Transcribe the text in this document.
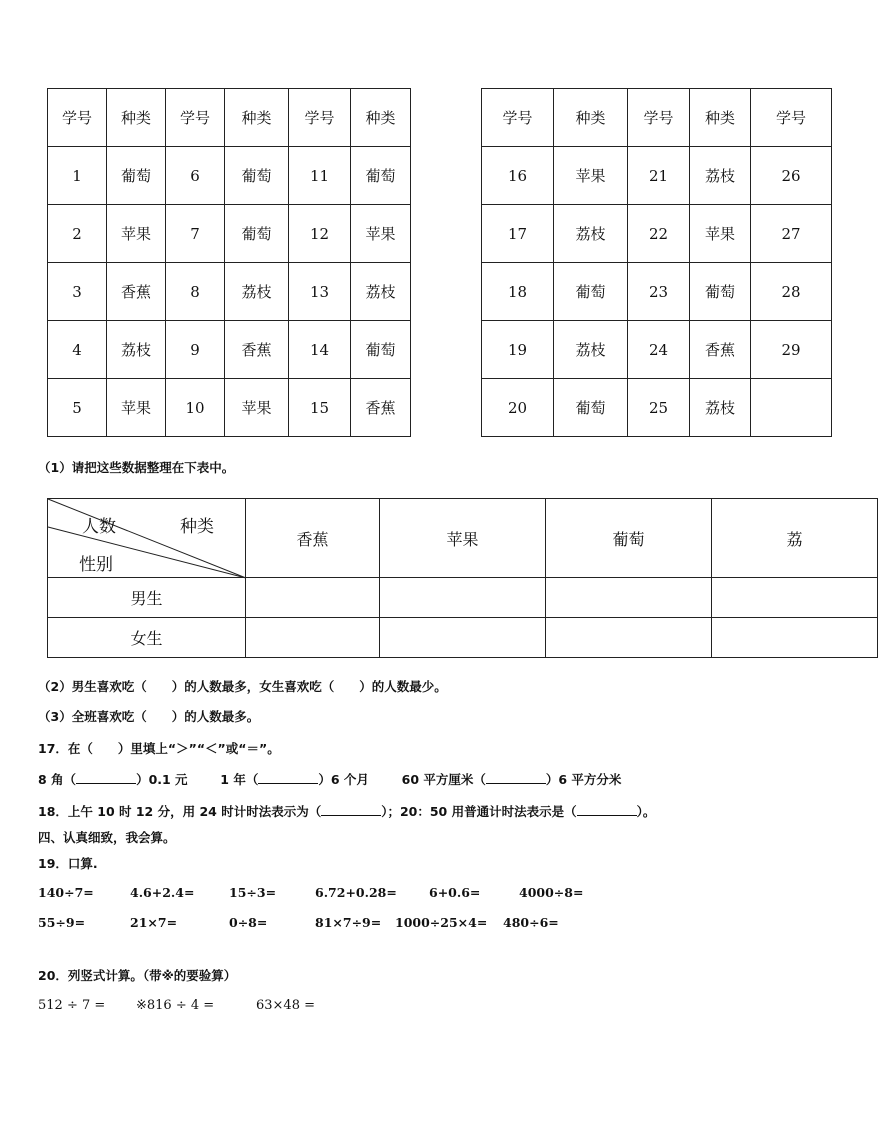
学号	种类	学号	种类	学号	种类
1	葡萄	6	葡萄	11	葡萄
2	苹果	7	葡萄	12	苹果
3	香蕉	8	荔枝	13	荔枝
4	荔枝	9	香蕉	14	葡萄
5	苹果	10	苹果	15	香蕉
学号	种类	学号	种类	学号
16	苹果	21	荔枝	26
17	荔枝	22	苹果	27
18	葡萄	23	葡萄	28
19	荔枝	24	香蕉	29
20	葡萄	25	荔枝	
（1）请把这些数据整理在下表中。
人数 种类
性别	香蕉	苹果	葡萄	荔
男生				
女生				
（2）男生喜欢吃（　　）的人数最多，女生喜欢吃（　　）的人数最少。
（3）全班喜欢吃（　　）的人数最多。
17．在（　　）里填上“＞”“＜”或“＝”。
8 角（	）0.1 元	1 年（	）6 个月	60 平方厘米（	）6 平方分米
18．上午 10 时 12 分，用 24 时计时法表示为（	）；20：50 用普通计时法表示是（	）。
四、认真细致，我会算。
19．口算.
140÷7=	4.6+2.4=	15÷3=	6.72+0.28=	6+0.6=	4000÷8=
55÷9=	21×7=	0÷8=	81×7÷9= 1000÷25×4= 480÷6=
20．列竖式计算。（带※的要验算）
512 ÷ 7 = ※816 ÷ 4 =	63×48 =
